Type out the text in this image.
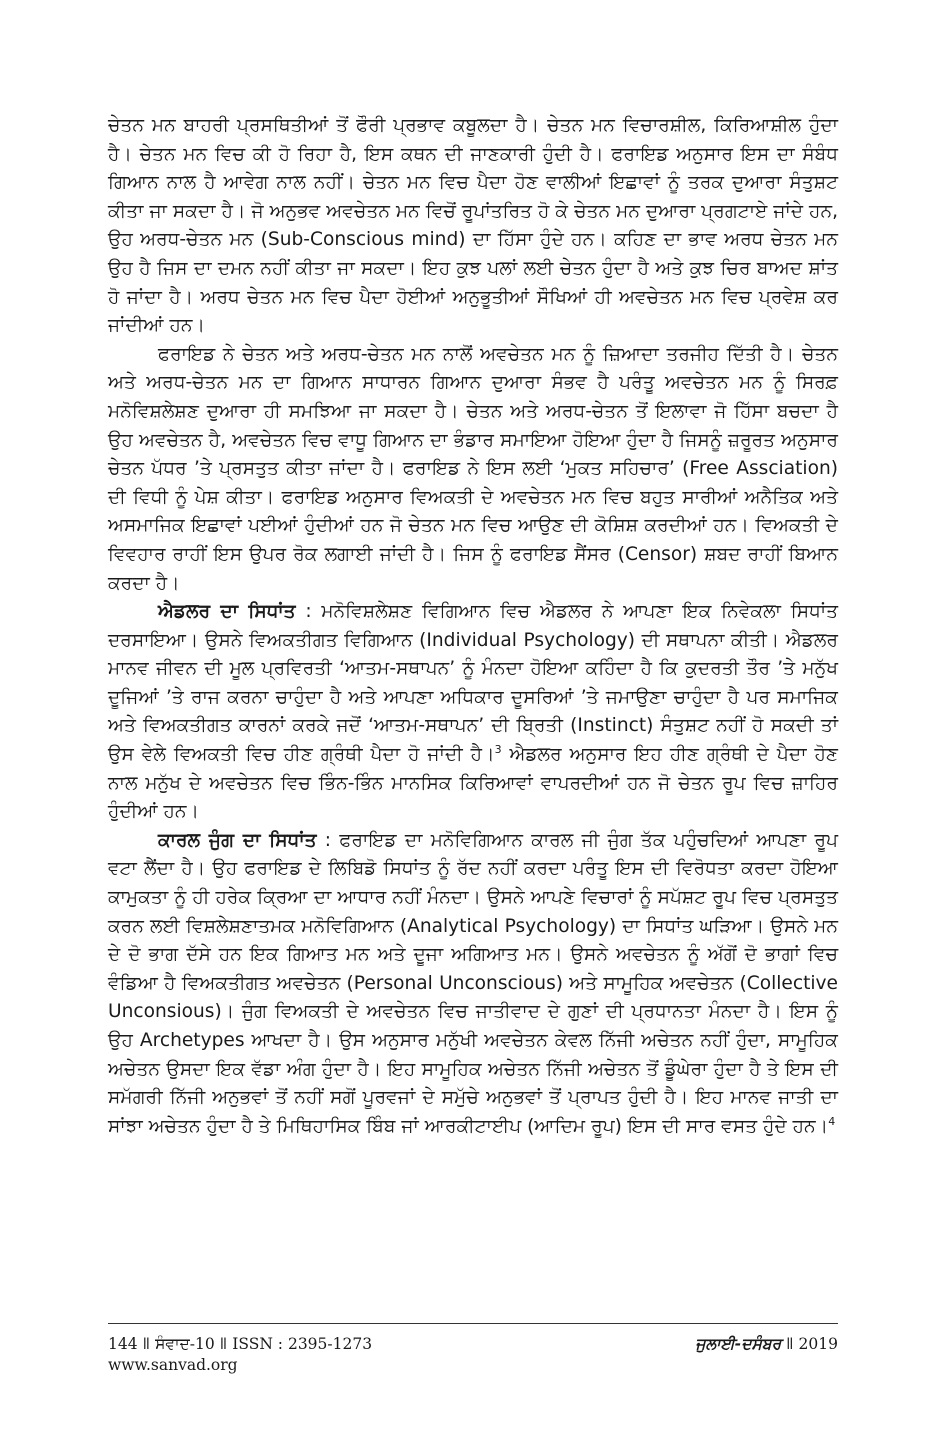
ਚੇਤਨ ਮਨ ਬਾਹਰੀ ਪ੍ਰਸਥਿਤੀਆਂ ਤੋਂ ਫੌਰੀ ਪ੍ਰਭਾਵ ਕਬੂਲਦਾ ਹੈ। ਚੇਤਨ ਮਨ ਵਿਚਾਰਸ਼ੀਲ, ਕਿਰਿਆਸ਼ੀਲ ਹੁੰਦਾ ਹੈ। ਚੇਤਨ ਮਨ ਵਿਚ ਕੀ ਹੋ ਰਿਹਾ ਹੈ, ਇਸ ਕਥਨ ਦੀ ਜਾਣਕਾਰੀ ਹੁੰਦੀ ਹੈ। ਫਰਾਇਡ ਅਨੁਸਾਰ ਇਸ ਦਾ ਸੰਬੰਧ ਗਿਆਨ ਨਾਲ ਹੈ ਆਵੇਗ ਨਾਲ ਨਹੀਂ। ਚੇਤਨ ਮਨ ਵਿਚ ਪੈਦਾ ਹੋਣ ਵਾਲੀਆਂ ਇਛਾਵਾਂ ਨੂੰ ਤਰਕ ਦੁਆਰਾ ਸੰਤੁਸ਼ਟ ਕੀਤਾ ਜਾ ਸਕਦਾ ਹੈ। ਜੋ ਅਨੁਭਵ ਅਵਚੇਤਨ ਮਨ ਵਿਚੋਂ ਰੂਪਾਂਤਰਿਤ ਹੋ ਕੇ ਚੇਤਨ ਮਨ ਦੁਆਰਾ ਪ੍ਰਗਟਾਏ ਜਾਂਦੇ ਹਨ, ਉਹ ਅਰਧ-ਚੇਤਨ ਮਨ (Sub-Conscious mind) ਦਾ ਹਿੱਸਾ ਹੁੰਦੇ ਹਨ। ਕਹਿਣ ਦਾ ਭਾਵ ਅਰਧ ਚੇਤਨ ਮਨ ਉਹ ਹੈ ਜਿਸ ਦਾ ਦਮਨ ਨਹੀਂ ਕੀਤਾ ਜਾ ਸਕਦਾ। ਇਹ ਕੁਝ ਪਲਾਂ ਲਈ ਚੇਤਨ ਹੁੰਦਾ ਹੈ ਅਤੇ ਕੁਝ ਚਿਰ ਬਾਅਦ ਸ਼ਾਂਤ ਹੋ ਜਾਂਦਾ ਹੈ। ਅਰਧ ਚੇਤਨ ਮਨ ਵਿਚ ਪੈਦਾ ਹੋਈਆਂ ਅਨੁਭੂਤੀਆਂ ਸੌਖਿਆਂ ਹੀ ਅਵਚੇਤਨ ਮਨ ਵਿਚ ਪ੍ਰਵੇਸ਼ ਕਰ ਜਾਂਦੀਆਂ ਹਨ।

ਫਰਾਇਡ ਨੇ ਚੇਤਨ ਅਤੇ ਅਰਧ-ਚੇਤਨ ਮਨ ਨਾਲੋਂ ਅਵਚੇਤਨ ਮਨ ਨੂੰ ਜ਼ਿਆਦਾ ਤਰਜੀਹ ਦਿੱਤੀ ਹੈ। ਚੇਤਨ ਅਤੇ ਅਰਧ-ਚੇਤਨ ਮਨ ਦਾ ਗਿਆਨ ਸਾਧਾਰਨ ਗਿਆਨ ਦੁਆਰਾ ਸੰਭਵ ਹੈ ਪਰੰਤੂ ਅਵਚੇਤਨ ਮਨ ਨੂੰ ਸਿਰਫ਼ ਮਨੋਵਿਸ਼ਲੇਸ਼ਣ ਦੁਆਰਾ ਹੀ ਸਮਝਿਆ ਜਾ ਸਕਦਾ ਹੈ। ਚੇਤਨ ਅਤੇ ਅਰਧ-ਚੇਤਨ ਤੋਂ ਇਲਾਵਾ ਜੋ ਹਿੱਸਾ ਬਚਦਾ ਹੈ ਉਹ ਅਵਚੇਤਨ ਹੈ, ਅਵਚੇਤਨ ਵਿਚ ਵਾਧੂ ਗਿਆਨ ਦਾ ਭੰਡਾਰ ਸਮਾਇਆ ਹੋਇਆ ਹੁੰਦਾ ਹੈ ਜਿਸਨੂੰ ਜ਼ਰੂਰਤ ਅਨੁਸਾਰ ਚੇਤਨ ਪੱਧਰ ’ਤੇ ਪ੍ਰਸਤੁਤ ਕੀਤਾ ਜਾਂਦਾ ਹੈ। ਫਰਾਇਡ ਨੇ ਇਸ ਲਈ ‘ਮੁਕਤ ਸਹਿਚਾਰ’ (Free Assciation) ਦੀ ਵਿਧੀ ਨੂੰ ਪੇਸ਼ ਕੀਤਾ। ਫਰਾਇਡ ਅਨੁਸਾਰ ਵਿਅਕਤੀ ਦੇ ਅਵਚੇਤਨ ਮਨ ਵਿਚ ਬਹੁਤ ਸਾਰੀਆਂ ਅਨੈਤਿਕ ਅਤੇ ਅਸਮਾਜਿਕ ਇਛਾਵਾਂ ਪਈਆਂ ਹੁੰਦੀਆਂ ਹਨ ਜੋ ਚੇਤਨ ਮਨ ਵਿਚ ਆਉਣ ਦੀ ਕੋਸ਼ਿਸ਼ ਕਰਦੀਆਂ ਹਨ। ਵਿਅਕਤੀ ਦੇ ਵਿਵਹਾਰ ਰਾਹੀਂ ਇਸ ਉਪਰ ਰੋਕ ਲਗਾਈ ਜਾਂਦੀ ਹੈ। ਜਿਸ ਨੂੰ ਫਰਾਇਡ ਸੈਂਸਰ (Censor) ਸ਼ਬਦ ਰਾਹੀਂ ਬਿਆਨ ਕਰਦਾ ਹੈ।

ਐਡਲਰ ਦਾ ਸਿਧਾਂਤ : ਮਨੋਵਿਸ਼ਲੇਸ਼ਣ ਵਿਗਿਆਨ ਵਿਚ ਐਡਲਰ ਨੇ ਆਪਣਾ ਇਕ ਨਿਵੇਕਲਾ ਸਿਧਾਂਤ ਦਰਸਾਇਆ। ਉਸਨੇ ਵਿਅਕਤੀਗਤ ਵਿਗਿਆਨ (Individual Psychology) ਦੀ ਸਥਾਪਨਾ ਕੀਤੀ। ਐਡਲਰ ਮਾਨਵ ਜੀਵਨ ਦੀ ਮੂਲ ਪ੍ਰਵਿਰਤੀ ‘ਆਤਮ-ਸਥਾਪਨ’ ਨੂੰ ਮੰਨਦਾ ਹੋਇਆ ਕਹਿੰਦਾ ਹੈ ਕਿ ਕੁਦਰਤੀ ਤੌਰ ’ਤੇ ਮਨੁੱਖ ਦੂਜਿਆਂ ’ਤੇ ਰਾਜ ਕਰਨਾ ਚਾਹੁੰਦਾ ਹੈ ਅਤੇ ਆਪਣਾ ਅਧਿਕਾਰ ਦੂਸਰਿਆਂ ’ਤੇ ਜਮਾਉਣਾ ਚਾਹੁੰਦਾ ਹੈ ਪਰ ਸਮਾਜਿਕ ਅਤੇ ਵਿਅਕਤੀਗਤ ਕਾਰਨਾਂ ਕਰਕੇ ਜਦੋਂ ‘ਆਤਮ-ਸਥਾਪਨ’ ਦੀ ਬ੍ਰਿਤੀ (Instinct) ਸੰਤੁਸ਼ਟ ਨਹੀਂ ਹੋ ਸਕਦੀ ਤਾਂ ਉਸ ਵੇਲੇ ਵਿਅਕਤੀ ਵਿਚ ਹੀਣ ਗ੍ਰੰਥੀ ਪੈਦਾ ਹੋ ਜਾਂਦੀ ਹੈ।$^3$ ਐਡਲਰ ਅਨੁਸਾਰ ਇਹ ਹੀਣ ਗ੍ਰੰਥੀ ਦੇ ਪੈਦਾ ਹੋਣ ਨਾਲ ਮਨੁੱਖ ਦੇ ਅਵਚੇਤਨ ਵਿਚ ਭਿੰਨ-ਭਿੰਨ ਮਾਨਸਿਕ ਕਿਰਿਆਵਾਂ ਵਾਪਰਦੀਆਂ ਹਨ ਜੋ ਚੇਤਨ ਰੂਪ ਵਿਚ ਜ਼ਾਹਿਰ ਹੁੰਦੀਆਂ ਹਨ।

ਕਾਰਲ ਜੁੰਗ ਦਾ ਸਿਧਾਂਤ : ਫਰਾਇਡ ਦਾ ਮਨੋਵਿਗਿਆਨ ਕਾਰਲ ਜੀ ਜੁੰਗ ਤੱਕ ਪਹੁੰਚਦਿਆਂ ਆਪਣਾ ਰੂਪ ਵਟਾ ਲੈਂਦਾ ਹੈ। ਉਹ ਫਰਾਇਡ ਦੇ ਲਿਬਿਡੋ ਸਿਧਾਂਤ ਨੂੰ ਰੱਦ ਨਹੀਂ ਕਰਦਾ ਪਰੰਤੂ ਇਸ ਦੀ ਵਿਰੋਧਤਾ ਕਰਦਾ ਹੋਇਆ ਕਾਮੁਕਤਾ ਨੂੰ ਹੀ ਹਰੇਕ ਕ੍ਰਿਆ ਦਾ ਆਧਾਰ ਨਹੀਂ ਮੰਨਦਾ। ਉਸਨੇ ਆਪਣੇ ਵਿਚਾਰਾਂ ਨੂੰ ਸਪੱਸ਼ਟ ਰੂਪ ਵਿਚ ਪ੍ਰਸਤੁਤ ਕਰਨ ਲਈ ਵਿਸ਼ਲੇਸ਼ਣਾਤਮਕ ਮਨੋਵਿਗਿਆਨ (Analytical Psychology) ਦਾ ਸਿਧਾਂਤ ਘੜਿਆ। ਉਸਨੇ ਮਨ ਦੇ ਦੋ ਭਾਗ ਦੱਸੇ ਹਨ ਇਕ ਗਿਆਤ ਮਨ ਅਤੇ ਦੂਜਾ ਅਗਿਆਤ ਮਨ। ਉਸਨੇ ਅਵਚੇਤਨ ਨੂੰ ਅੱਗੋਂ ਦੋ ਭਾਗਾਂ ਵਿਚ ਵੰਡਿਆ ਹੈ ਵਿਅਕਤੀਗਤ ਅਵਚੇਤਨ (Personal Unconscious) ਅਤੇ ਸਾਮੂਹਿਕ ਅਵਚੇਤਨ (Collective Unconsious)। ਜੁੰਗ ਵਿਅਕਤੀ ਦੇ ਅਵਚੇਤਨ ਵਿਚ ਜਾਤੀਵਾਦ ਦੇ ਗੁਣਾਂ ਦੀ ਪ੍ਰਧਾਨਤਾ ਮੰਨਦਾ ਹੈ। ਇਸ ਨੂੰ ਉਹ Archetypes ਆਖਦਾ ਹੈ। ਉਸ ਅਨੁਸਾਰ ਮਨੁੱਖੀ ਅਵਚੇਤਨ ਕੇਵਲ ਨਿੱਜੀ ਅਚੇਤਨ ਨਹੀਂ ਹੁੰਦਾ, ਸਾਮੂਹਿਕ ਅਚੇਤਨ ਉਸਦਾ ਇਕ ਵੱਡਾ ਅੰਗ ਹੁੰਦਾ ਹੈ। ਇਹ ਸਾਮੂਹਿਕ ਅਚੇਤਨ ਨਿੱਜੀ ਅਚੇਤਨ ਤੋਂ ਡੂੰਘੇਰਾ ਹੁੰਦਾ ਹੈ ਤੇ ਇਸ ਦੀ ਸਮੱਗਰੀ ਨਿੱਜੀ ਅਨੁਭਵਾਂ ਤੋਂ ਨਹੀਂ ਸਗੋਂ ਪੂਰਵਜਾਂ ਦੇ ਸਮੁੱਚੇ ਅਨੁਭਵਾਂ ਤੋਂ ਪ੍ਰਾਪਤ ਹੁੰਦੀ ਹੈ। ਇਹ ਮਾਨਵ ਜਾਤੀ ਦਾ ਸਾਂਝਾ ਅਚੇਤਨ ਹੁੰਦਾ ਹੈ ਤੇ ਮਿਥਿਹਾਸਿਕ ਬਿੰਬ ਜਾਂ ਆਰਕੀਟਾਈਪ (ਆਦਿਮ ਰੂਪ) ਇਸ ਦੀ ਸਾਰ ਵਸਤ ਹੁੰਦੇ ਹਨ।$^4$

144 ǁ ਸੰਵਾਦ-10 ǁ ISSN : 2395-1273
www.sanvad.org
ਜੁਲਾਈ-ਦਸੰਬਰ ǁ 2019
